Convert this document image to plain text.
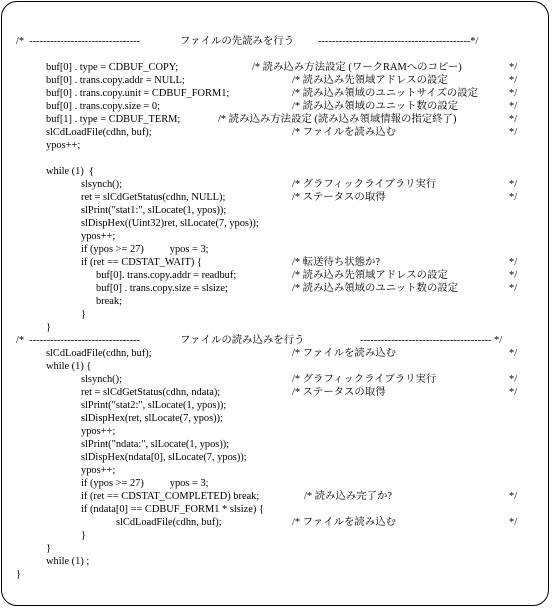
/*  --------------------------------	ファイルの先読みを行う --------------------------------------------*/
buf[0] . type = CDBUF_COPY;	/* 読み込み方法設定 (ワークRAMへのコピー)	*/
buf[0] . trans.copy.addr = NULL;	/* 読み込み先領域アドレスの設定	*/
buf[0] . trans.copy.unit = CDBUF_FORM1;	/* 読み込み領域のユニットサイズの設定	*/
buf[0] . trans.copy.size = 0;	/* 読み込み領域のユニット数の設定	*/
buf[1] . type = CDBUF_TERM;	/* 読み込み方法設定 (読み込み領域情報の指定終了)	*/
slCdLoadFile(cdhn, buf);	/* ファイルを読み込む	*/
ypos++;
while (1)  {
slsynch();	/* グラフィックライブラリ実行	*/
ret = slCdGetStatus(cdhn, NULL);	/* ステータスの取得	*/
slPrint("stat1:", slLocate(1, ypos));
slDispHex((Uint32)ret, slLocate(7, ypos));
ypos++;
if (ypos >= 27)          ypos = 3;
if (ret == CDSTAT_WAIT) {	/* 転送待ち状態か?	*/
buf[0]. trans.copy.addr = readbuf;	/* 読み込み先領域アドレスの設定	*/
buf[0] . trans.copy.size = slsize;	/* 読み込み領域のユニット数の設定	*/
break;
}
}
/*  --------------------------------	ファイルの読み込みを行う	-------------------------------------- */
slCdLoadFile(cdhn, buf);	/* ファイルを読み込む	*/
while (1) {
slsynch();	/* グラフィックライブラリ実行	*/
ret = slCdGetStatus(cdhn, ndata);	/* ステータスの取得	*/
slPrint("stat2:", slLocate(1, ypos));
slDispHex(ret, slLocate(7, ypos));
ypos++;
slPrint("ndata:", slLocate(1, ypos));
slDispHex(ndata[0], slLocate(7, ypos));
ypos++;
if (ypos >= 27)          ypos = 3;
if (ret == CDSTAT_COMPLETED) break;	/* 読み込み完了か?	*/
if (ndata[0] == CDBUF_FORM1 * slsize) {
slCdLoadFile(cdhn, buf);	/* ファイルを読み込む	*/
}
}
while (1) ;
}
